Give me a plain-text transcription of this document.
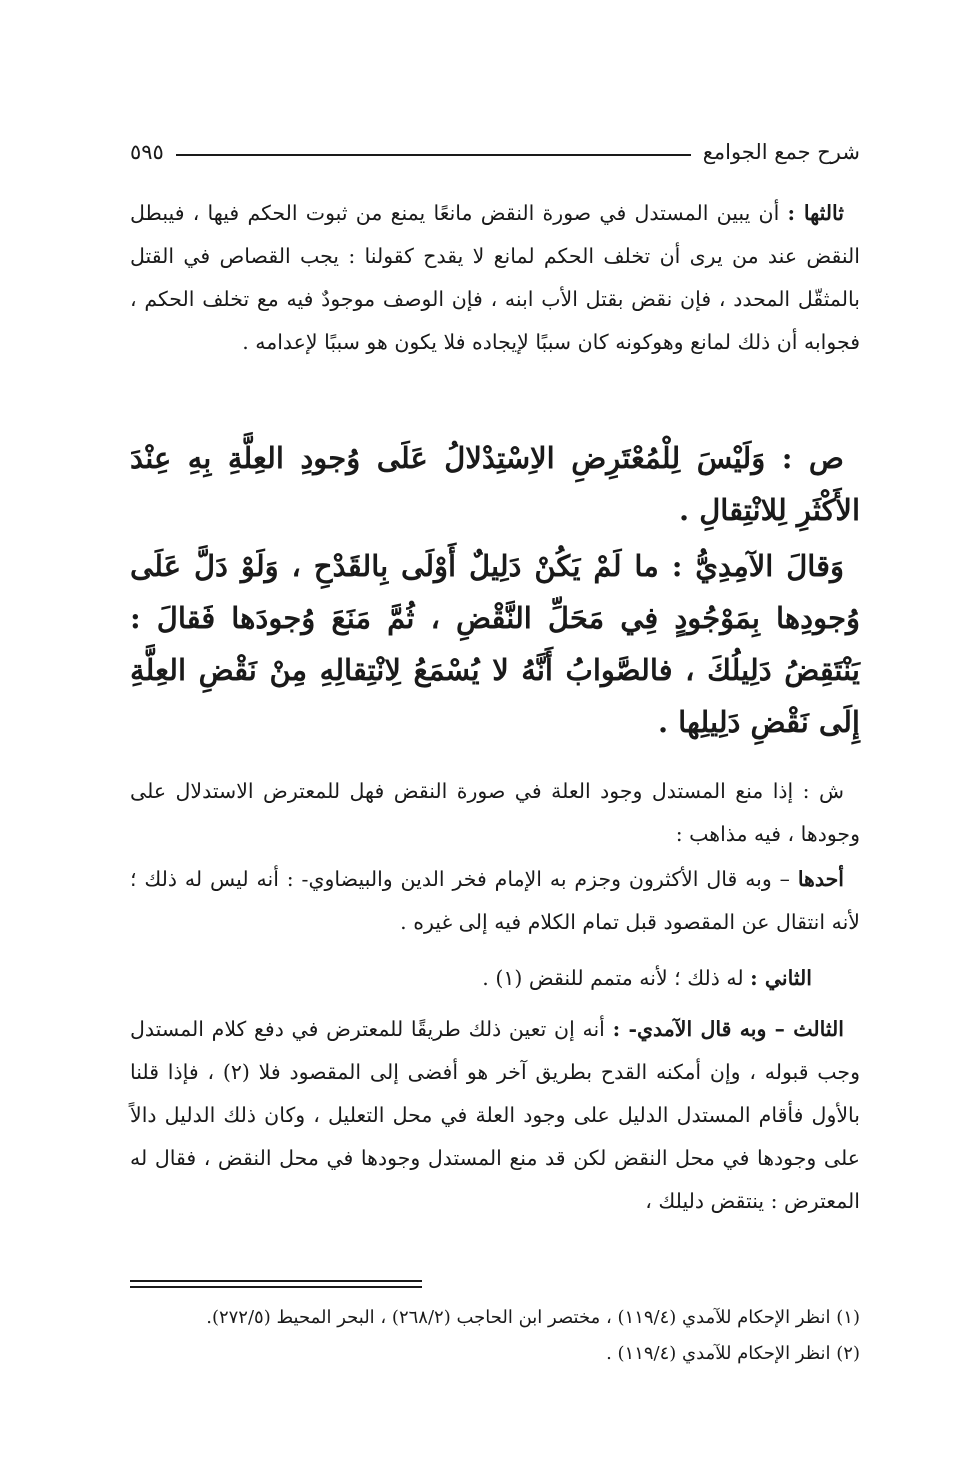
شرح جمع الجوامع
٥٩٥

ثالثها : أن يبين المستدل في صورة النقض مانعًا يمنع من ثبوت الحكم فيها ، فيبطل النقض عند من يرى أن تخلف الحكم لمانع لا يقدح كقولنا : يجب القصاص في القتل بالمثقّل المحدد ، فإن نقض بقتل الأب ابنه ، فإن الوصف موجودٌ فيه مع تخلف الحكم ، فجوابه أن ذلك لمانع وهوكونه كان سببًا لإيجاده فلا يكون هو سببًا لإعدامه .

ص : وَلَيْسَ لِلْمُعْتَرِضِ الاِسْتِدْلالُ عَلَى وُجودِ العِلَّةِ بِهِ عِنْدَ الأَكْثَرِ لِلانْتِقالِ .

وَقالَ الآمِدِيُّ : ما لَمْ يَكُنْ دَلِيلٌ أَوْلَى بِالقَدْحِ ، وَلَوْ دَلَّ عَلَى وُجودِها بِمَوْجُودٍ فِي مَحَلِّ النَّقْضِ ، ثُمَّ مَنَعَ وُجودَها فَقالَ : يَنْتَقِضُ دَلِيلُكَ ، فالصَّوابُ أَنَّهُ لا يُسْمَعُ لِانْتِقالِهِ مِنْ نَقْضِ العِلَّةِ إِلَى نَقْضِ دَلِيلِها .

ش : إذا منع المستدل وجود العلة في صورة النقض فهل للمعترض الاستدلال على وجودها ، فيه مذاهب :

أحدها – وبه قال الأكثرون وجزم به الإمام فخر الدين والبيضاوي- : أنه ليس له ذلك ؛ لأنه انتقال عن المقصود قبل تمام الكلام فيه إلى غيره .

الثاني : له ذلك ؛ لأنه متمم للنقض (١) .

الثالث – وبه قال الآمدي- : أنه إن تعين ذلك طريقًا للمعترض في دفع كلام المستدل وجب قبوله ، وإن أمكنه القدح بطريق آخر هو أفضى إلى المقصود فلا (٢) ، فإذا قلنا بالأول فأقام المستدل الدليل على وجود العلة في محل التعليل ، وكان ذلك الدليل دالاً على وجودها في محل النقض لكن قد منع المستدل وجودها في محل النقض ، فقال له المعترض : ينتقض دليلك ،

(١) انظر الإحكام للآمدي (١١٩/٤) ، مختصر ابن الحاجب (٢٦٨/٢) ، البحر المحيط (٢٧٢/٥).

(٢) انظر الإحكام للآمدي (١١٩/٤) .
